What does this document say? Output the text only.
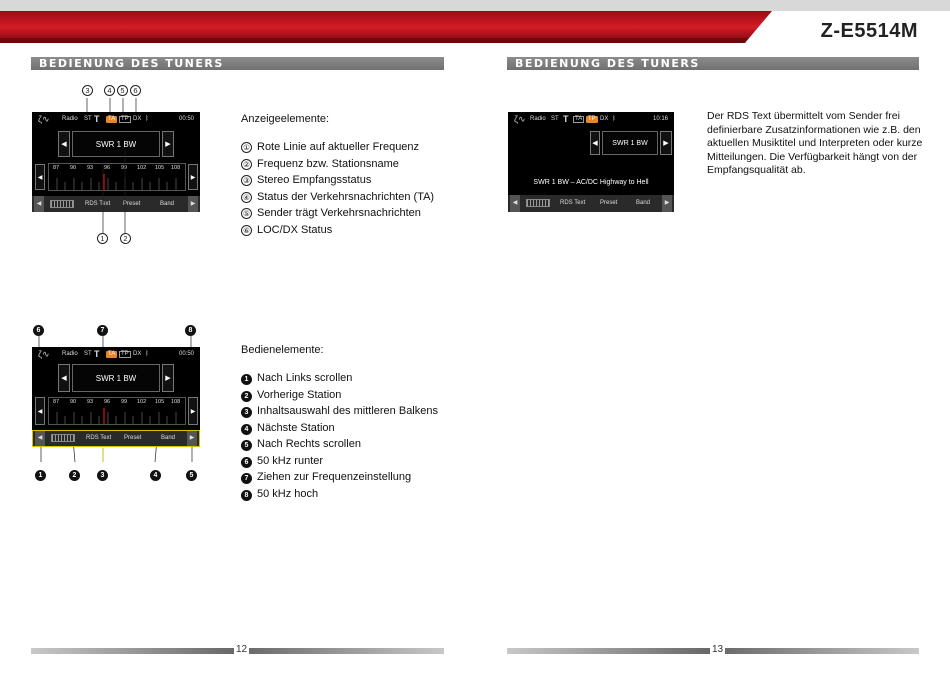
Z-E5514M
BEDIENUNG DES TUNERS
3	4	5	6
ζ∿ Radio ST T	TA TP DX ᛒ	00:50
◀	SWR 1 BW	▶
◀
87 90 93 96 99 102 105 108
▶
◀	RDS Text Preset	Band	▶
1	2
Anzeigeelemente:
① Rote Linie auf aktueller Frequenz
② Frequenz bzw. Stationsname
③ Stereo Empfangsstatus
④ Status der Verkehrsnachrichten (TA)
⑤ Sender trägt Verkehrsnachrichten
⑥ LOC/DX Status
6	7	8
ζ∿ Radio ST T	TA TP DX ᛒ	00:50
◀	SWR 1 BW	▶
◀
87 90 93 96 99 102 105 108
▶
◀	RDS Text Preset	Band	▶
1	2	3	4	5
Bedienelemente:
1 Nach Links scrollen
2 Vorherige Station
3 Inhaltsauswahl des mittleren Balkens
4 Nächste Station
5 Nach Rechts scrollen
6 50 kHz runter
7 Ziehen zur Frequenzeinstellung
8 50 kHz hoch
12
BEDIENUNG DES TUNERS
ζ∿ Radio ST T	TA TP DX ᛒ	10:16
◀	SWR 1 BW	▶
SWR 1 BW – AC/DC Highway to Hell
◀	RDS Text Preset	Band	▶
Der RDS Text übermittelt vom Sender frei definierbare Zusatzinformationen wie z.B. den aktuellen Musiktitel und Interpreten oder kurze Mitteilungen. Die Verfügbarkeit hängt von der Empfangsqualität ab.
13
